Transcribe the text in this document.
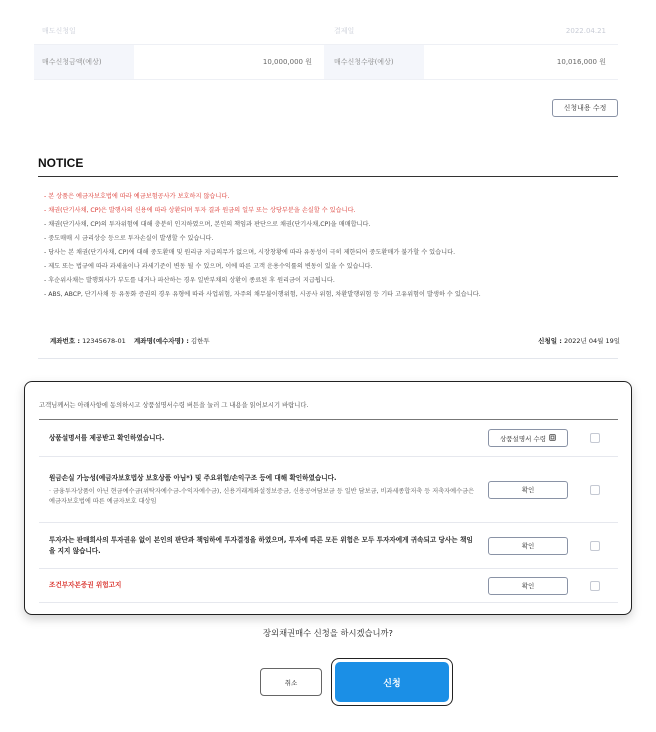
매도신청일	결제일	2022.04.21
매수신청금액(예상)	10,000,000 원	매수신청수량(예상)	10,016,000 원
신청내용 수정
NOTICE
- 본 상품은 예금자보호법에 따라 예금보험공사가 보호하지 않습니다.
- 채권(단기사채, CP)은 발행사의 신용에 따라 상환되며 투자 결과 원금의 일부 또는 상당부분을 손실할 수 있습니다.
- 채권(단기사채, CP)의 투자위험에 대해 충분히 인지하였으며, 본인의 책임과 판단으로 채권(단기사채,CP)을 매매합니다.
- 중도매매 시 금리상승 등으로 투자손실이 발생할 수 있습니다.
- 당사는 본 채권(단기사채, CP)에 대해 중도환매 및 원리금 지급의무가 없으며, 시장창황에 따라 유동성이 극히 제한되어 중도환매가 불가할 수 있습니다.
- 제도 또는 법규에 따라 과세율이나 과세기준이 변동 될 수 있으며, 이에 따른 고객 운용수익률의 변동이 있을 수 있습니다.
- 후순위사채는 발행회사가 부도를 내거나 파산하는 경우 일반부채의 상환이 종료된 후 원리금이 지급됩니다.
- ABS, ABCP, 단기사채 등 유동화 증권의 경우 유형에 따라 사업위험, 자주의 채무불이행위험, 시공사 위험, 차환발행위험 등 기타 고유위험이 발생하 수 있습니다.
계좌번호 : 12345678-01 계좌명(예수자명) : 김한투	신청일 : 2022년 04월 19일
고객님께서는 아래사항에 동의하시고 상품설명서수령 버튼을 눌러 그 내용을 읽어보시기 바랍니다.
상품설명서를 제공받고 확인하였습니다.	상품설명서 수령
원금손실 가능성(예금자보호법상 보호상품 아님*) 및 주요위험/손익구조 등에 대해 확인하였습니다.
· 금융투자상품이 아닌 현금예수금(위탁자예수금-수익자예수금), 신용거래계좌설정보증금, 신용공여담보금 등 일반 담보금, 비과세종합저축 등 저축자예수금은 예금자보호법에 따른 예금자보호 대상임
확인
투자자는 판매회사의 투자권유 없이 본인의 판단과 책임하에 투자결정을 하였으며, 투자에 따른 모든 위험은 모두 투자자에게 귀속되고 당사는 책임을 지지 않습니다.
확인
조건부자본증권 위험고지	확인
장외채권매수 신청을 하시겠습니까?
취소	신청
